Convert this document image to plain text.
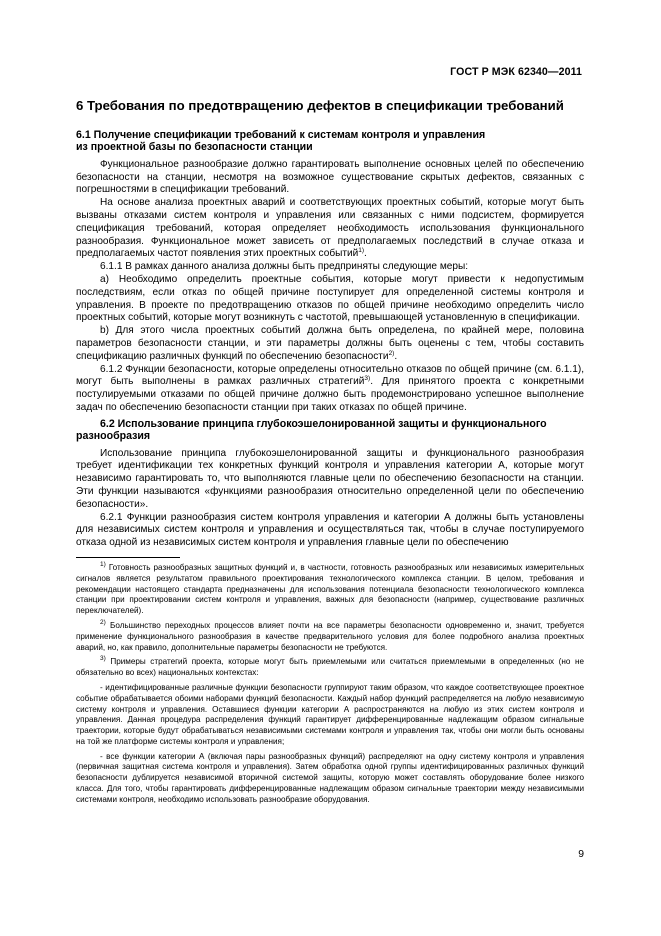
ГОСТ Р МЭК 62340—2011
6 Требования по предотвращению дефектов в спецификации требований
6.1 Получение спецификации требований к системам контроля и управления
из проектной базы по безопасности станции

Функциональное разнообразие должно гарантировать выполнение основных целей по обеспечению безопасности на станции, несмотря на возможное существование скрытых дефектов, связанных с погрешностями в спецификации требований.

На основе анализа проектных аварий и соответствующих проектных событий, которые могут быть вызваны отказами систем контроля и управления или связанных с ними подсистем, формируется спецификация требований, которая определяет необходимость использования функционального разнообразия. Функциональное может зависеть от предполагаемых последствий в случае отказа и предполагаемых частот появления этих проектных событий$^{1)}$.

6.1.1 В рамках данного анализа должны быть предприняты следующие меры:

a) Необходимо определить проектные события, которые могут привести к недопустимым последствиям, если отказ по общей причине поступирует для определенной системы контроля и управления. В проекте по предотвращению отказов по общей причине необходимо определить число проектных событий, которые могут возникнуть с частотой, превышающей установленную в спецификации.

b) Для этого числа проектных событий должна быть определена, по крайней мере, половина параметров безопасности станции, и эти параметры должны быть оценены с тем, чтобы составить спецификацию различных функций по обеспечению безопасности$^{2)}$.

6.1.2 Функции безопасности, которые определены относительно отказов по общей причине (см. 6.1.1), могут быть выполнены в рамках различных стратегий$^{3)}$. Для принятого проекта с конкретными постулируемыми отказами по общей причине должно быть продемонстрировано успешное выполнение задач по обеспечению безопасности станции при таких отказах по общей причине.

6.2 Использование принципа глубокоэшелонированной защиты и функционального разнообразия

Использование принципа глубокоэшелонированной защиты и функционального разнообразия требует идентификации тех конкретных функций контроля и управления категории А, которые могут независимо гарантировать то, что выполняются главные цели по обеспечению безопасности на станции. Эти функции называются «функциями разнообразия относительно определенной цели по обеспечению безопасности».

6.2.1 Функции разнообразия систем контроля управления и категории А должны быть установлены для независимых систем контроля и управления и осуществляться так, чтобы в случае поступируемого отказа одной из независимых систем контроля и управления главные цели по обеспечению

$^{1)}$ Готовность разнообразных защитных функций и, в частности, готовность разнообразных или независимых измерительных сигналов является результатом правильного проектирования технологического комплекса станции. В целом, требования и рекомендации настоящего стандарта предназначены для использования потенциала безопасности технологического комплекса станции при проектировании систем контроля и управления, важных для безопасности (например, существование различных переключателей).

$^{2)}$ Большинство переходных процессов влияет почти на все параметры безопасности одновременно и, значит, требуется применение функционального разнообразия в качестве предварительного условия для более подробного анализа проектных аварий, но, как правило, дополнительные параметры безопасности не требуются.

$^{3)}$ Примеры стратегий проекта, которые могут быть приемлемыми или считаться приемлемыми в определенных (но не обязательно во всех) национальных контекстах:

- идентифицированные различные функции безопасности группируют таким образом, что каждое соответствующее проектное событие обрабатывается обоими наборами функций безопасности. Каждый набор функций распределяется на любую независимую систему контроля и управления. Оставшиеся функции категории А распространяются на любую из этих систем контроля и управления. Данная процедура распределения функций гарантирует дифференцированные надлежащим образом сигнальные траектории, которые будут обрабатываться независимыми системами контроля и управления так, чтобы они могли быть основаны на той же платформе системы контроля и управления;

- все функции категории А (включая пары разнообразных функций) распределяют на одну систему контроля и управления (первичная защитная система контроля и управления). Затем обработка одной группы идентифицированных различных функций безопасности дублируется независимой вторичной системой защиты, которую может составлять оборудование более низкого класса. Для того, чтобы гарантировать дифференцированные надлежащим образом сигнальные траектории между независимыми системами контроля, необходимо использовать разнообразие оборудования.

9
